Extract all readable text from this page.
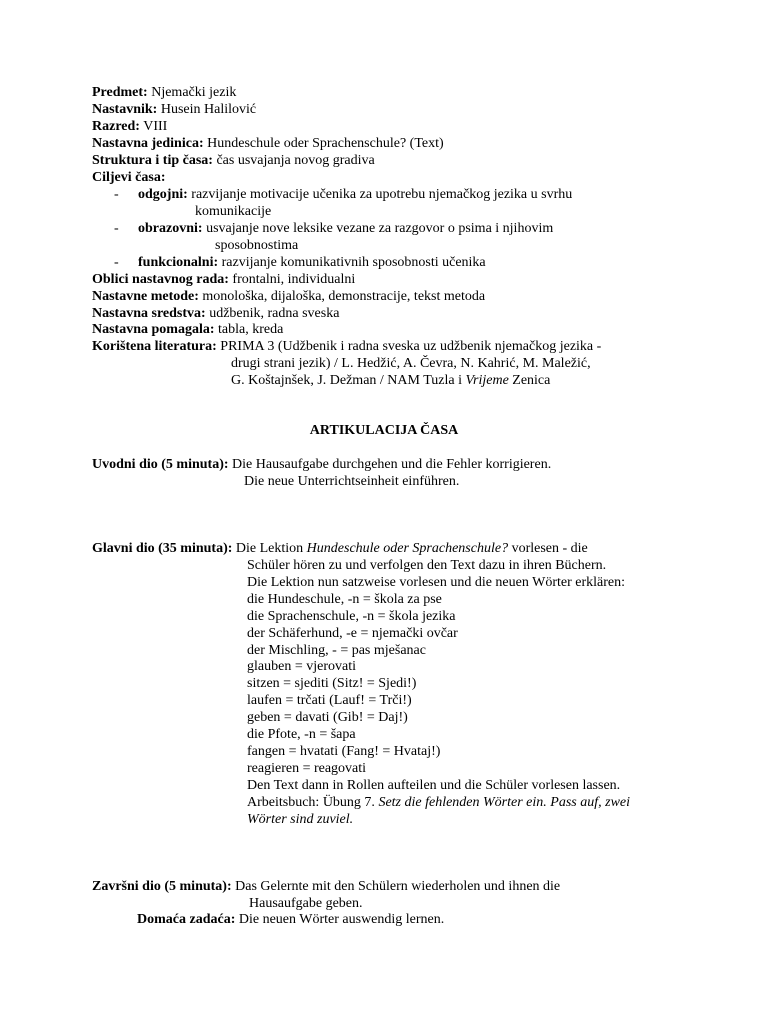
Predmet: Njemački jezik
Nastavnik: Husein Halilović
Razred: VIII
Nastavna jedinica: Hundeschule oder Sprachenschule? (Text)
Struktura i tip časa: čas usvajanja novog gradiva
Ciljevi časa:
- odgojni: razvijanje motivacije učenika za upotrebu njemačkog jezika u svrhu
komunikacije
- obrazovni: usvajanje nove leksike vezane za razgovor o psima i njihovim
sposobnostima
- funkcionalni: razvijanje komunikativnih sposobnosti učenika
Oblici nastavnog rada: frontalni, individualni
Nastavne metode: monološka, dijaloška, demonstracije, tekst metoda
Nastavna sredstva: udžbenik, radna sveska
Nastavna pomagala: tabla, kreda
Korištena literatura: PRIMA 3 (Udžbenik i radna sveska uz udžbenik njemačkog jezika -
drugi strani jezik) / L. Hedžić, A. Čevra, N. Kahrić, M. Maležić,
G. Koštajnšek, J. Dežman / NAM Tuzla i Vrijeme Zenica
ARTIKULACIJA ČASA
Uvodni dio (5 minuta): Die Hausaufgabe durchgehen und die Fehler korrigieren.
Die neue Unterrichtseinheit einführen.
Glavni dio (35 minuta): Die Lektion Hundeschule oder Sprachenschule? vorlesen - die
Schüler hören zu und verfolgen den Text dazu in ihren Büchern.
Die Lektion nun satzweise vorlesen und die neuen Wörter erklären:
die Hundeschule, -n = škola za pse
die Sprachenschule, -n = škola jezika
der Schäferhund, -e = njemački ovčar
der Mischling, - = pas mješanac
glauben = vjerovati
sitzen = sjediti (Sitz! = Sjedi!)
laufen = trčati (Lauf! = Trči!)
geben = davati (Gib! = Daj!)
die Pfote, -n = šapa
fangen = hvatati (Fang! = Hvataj!)
reagieren = reagovati
Den Text dann in Rollen aufteilen und die Schüler vorlesen lassen.
Arbeitsbuch: Übung 7. Setz die fehlenden Wörter ein. Pass auf, zwei
Wörter sind zuviel.
Završni dio (5 minuta): Das Gelernte mit den Schülern wiederholen und ihnen die
Hausaufgabe geben.
Domaća zadaća: Die neuen Wörter auswendig lernen.
